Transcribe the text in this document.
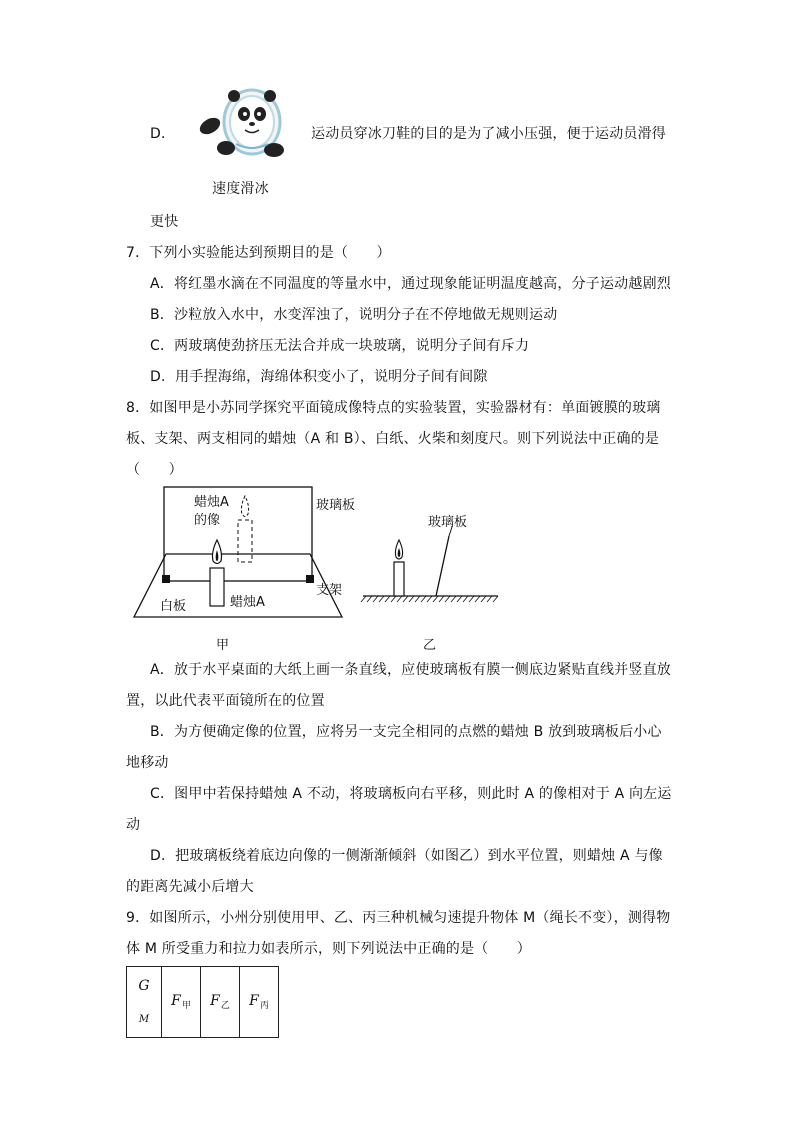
D．	运动员穿冰刀鞋的目的是为了减小压强，便于运动员滑得
速度滑冰
更快
7．下列小实验能达到预期目的是（　　）
A．将红墨水滴在不同温度的等量水中，通过现象能证明温度越高，分子运动越剧烈
B．沙粒放入水中，水变浑浊了，说明分子在不停地做无规则运动
C．两玻璃使劲挤压无法合并成一块玻璃，说明分子间有斥力
D．用手捏海绵，海绵体积变小了，说明分子间有间隙
8．如图甲是小苏同学探究平面镜成像特点的实验装置，实验器材有：单面镀膜的玻璃
板、支架、两支相同的蜡烛（A 和 B）、白纸、火柴和刻度尺。则下列说法中正确的是
（　　）
蜡烛A
的像
玻璃板
支架
白板	蜡烛A
甲
玻璃板
乙
A．放于水平桌面的大纸上画一条直线，应使玻璃板有膜一侧底边紧贴直线并竖直放
置，以此代表平面镜所在的位置
B．为方便确定像的位置，应将另一支完全相同的点燃的蜡烛 B 放到玻璃板后小心
地移动
C．图甲中若保持蜡烛 A 不动，将玻璃板向右平移，则此时 A 的像相对于 A 向左运
动
D．把玻璃板绕着底边向像的一侧渐渐倾斜（如图乙）到水平位置，则蜡烛 A 与像
的距离先减小后增大
9．如图所示，小州分别使用甲、乙、丙三种机械匀速提升物体 M（绳长不变），测得物
体 M 所受重力和拉力如表所示，则下列说法中正确的是（　　）
G
M
	$F_甲$	$F_乙$	$F_丙$
